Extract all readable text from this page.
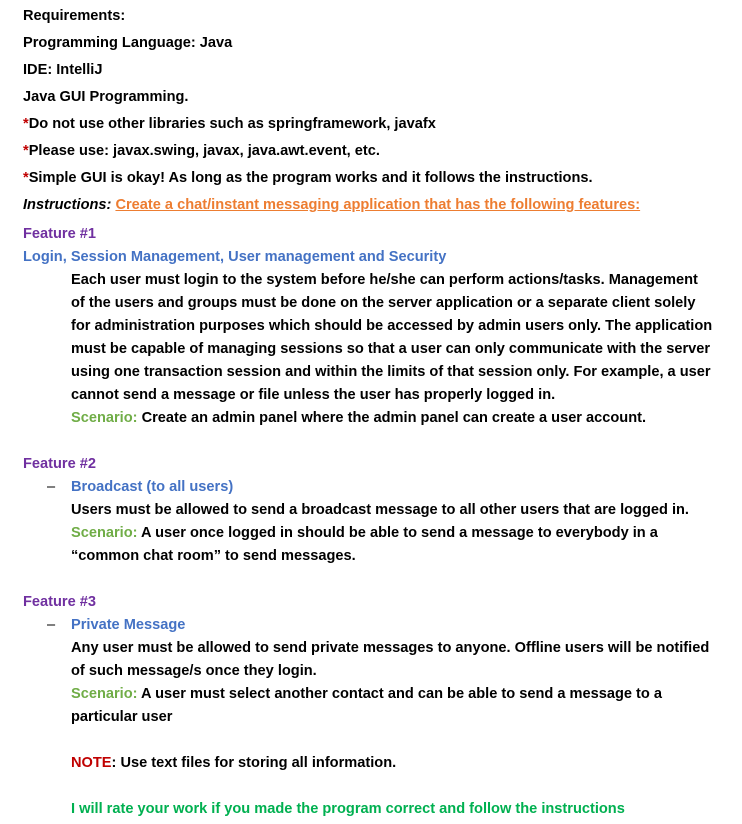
Requirements:
Programming Language: Java
IDE: IntelliJ
Java GUI Programming.
*Do not use other libraries such as springframework, javafx
*Please use: javax.swing, javax, java.awt.event, etc.
*Simple GUI is okay! As long as the program works and it follows the instructions.
Instructions: Create a chat/instant messaging application that has the following features:
Feature #1
Login, Session Management, User management and Security
Each user must login to the system before he/she can perform actions/tasks. Management
of the users and groups must be done on the server application or a separate client solely
for administration purposes which should be accessed by admin users only. The application
must be capable of managing sessions so that a user can only communicate with the server
using one transaction session and within the limits of that session only. For example, a user
cannot send a message or file unless the user has properly logged in.
Scenario: Create an admin panel where the admin panel can create a user account.
Feature #2
– Broadcast (to all users)
Users must be allowed to send a broadcast message to all other users that are logged in.
Scenario: A user once logged in should be able to send a message to everybody in a
“common chat room” to send messages.
Feature #3
– Private Message
Any user must be allowed to send private messages to anyone. Offline users will be notified
of such message/s once they login.
Scenario: A user must select another contact and can be able to send a message to a
particular user
NOTE: Use text files for storing all information.
I will rate your work if you made the program correct and follow the instructions
